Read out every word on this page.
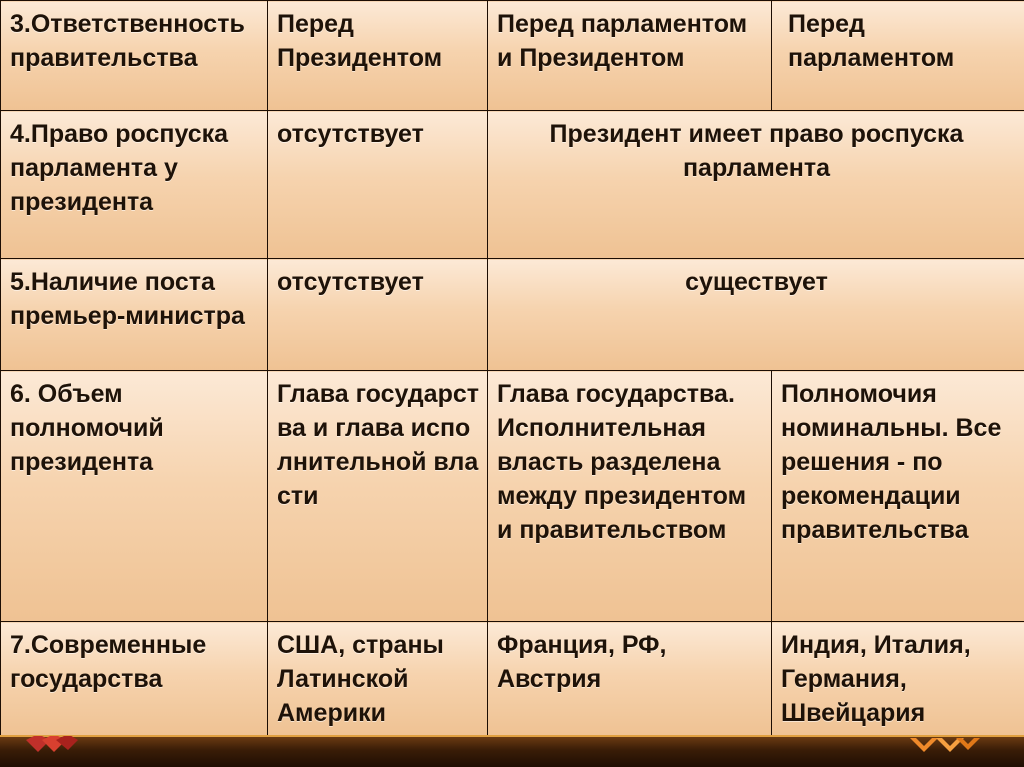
3.Ответственность правительства	Перед Президентом	Перед парламентом и Президентом	Перед парламентом
4.Право роспуска парламента у президента	отсутствует	Президент имеет право роспуска парламента	
5.Наличие поста премьер-министра	отсутствует	существует	
6. Объем полномочий президента	Глава государства и глава исполнительной власти	Глава государства. Исполнительная власть разделена между президентом и правительством	Полномочия номинальны. Все решения - по рекомендации правительства
7.Современные государства	США, страны Латинской Америки	Франция, РФ, Австрия	Индия, Италия, Германия, Швейцария
